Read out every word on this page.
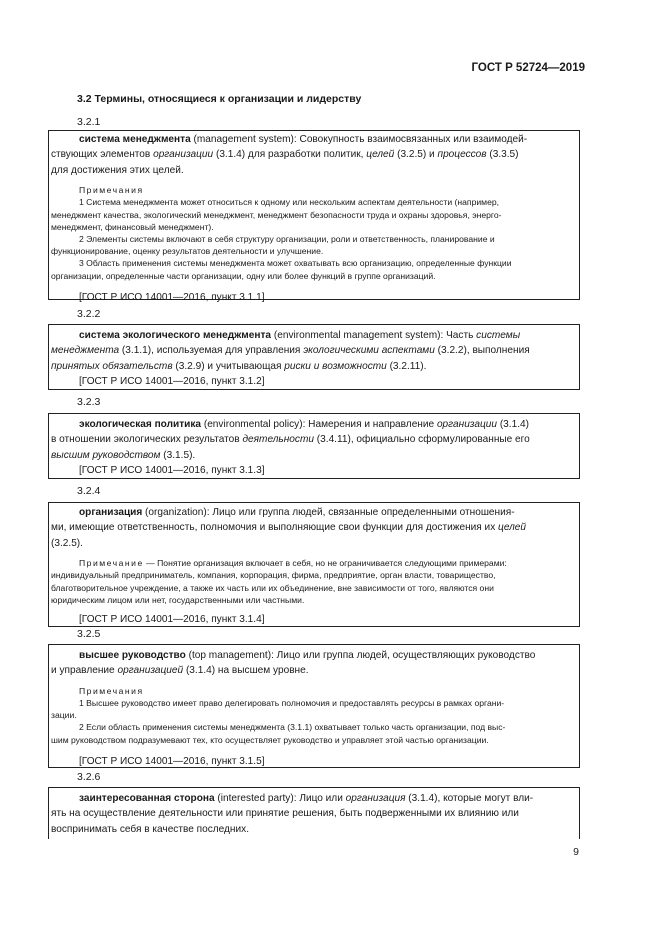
ГОСТ Р 52724—2019
3.2 Термины, относящиеся к организации и лидерству
3.2.1
система менеджмента (management system): Совокупность взаимосвязанных или взаимодей-
ствующих элементов организации (3.1.4) для разработки политик, целей (3.2.5) и процессов (3.3.5)
для достижения этих целей.
Примечания
1 Система менеджмента может относиться к одному или нескольким аспектам деятельности (например,
менеджмент качества, экологический менеджмент, менеджмент безопасности труда и охраны здоровья, энерго-
менеджмент, финансовый менеджмент).
2 Элементы системы включают в себя структуру организации, роли и ответственность, планирование и
функционирование, оценку результатов деятельности и улучшение.
3 Область применения системы менеджмента может охватывать всю организацию, определенные функции
организации, определенные части организации, одну или более функций в группе организаций.
[ГОСТ Р ИСО 14001—2016, пункт 3.1.1]
3.2.2
система экологического менеджмента (environmental management system): Часть системы
менеджмента (3.1.1), используемая для управления экологическими аспектами (3.2.2), выполнения
принятых обязательств (3.2.9) и учитывающая риски и возможности (3.2.11).
[ГОСТ Р ИСО 14001—2016, пункт 3.1.2]
3.2.3
экологическая политика (environmental policy): Намерения и направление организации (3.1.4)
в отношении экологических результатов деятельности (3.4.11), официально сформулированные его
высшим руководством (3.1.5).
[ГОСТ Р ИСО 14001—2016, пункт 3.1.3]
3.2.4
организация (organization): Лицо или группа людей, связанные определенными отношения-
ми, имеющие ответственность, полномочия и выполняющие свои функции для достижения их целей
(3.2.5).
Примечание — Понятие организация включает в себя, но не ограничивается следующими примерами:
индивидуальный предприниматель, компания, корпорация, фирма, предприятие, орган власти, товарищество,
благотворительное учреждение, а также их часть или их объединение, вне зависимости от того, являются они
юридическим лицом или нет, государственными или частными.
[ГОСТ Р ИСО 14001—2016, пункт 3.1.4]
3.2.5
высшее руководство (top management): Лицо или группа людей, осуществляющих руководство
и управление организацией (3.1.4) на высшем уровне.
Примечания
1 Высшее руководство имеет право делегировать полномочия и предоставлять ресурсы в рамках органи-
зации.
2 Если область применения системы менеджмента (3.1.1) охватывает только часть организации, под выс-
шим руководством подразумевают тех, кто осуществляет руководство и управляет этой частью организации.
[ГОСТ Р ИСО 14001—2016, пункт 3.1.5]
3.2.6
заинтересованная сторона (interested party): Лицо или организация (3.1.4), которые могут вли-
ять на осуществление деятельности или принятие решения, быть подверженными их влиянию или
воспринимать себя в качестве последних.
9
